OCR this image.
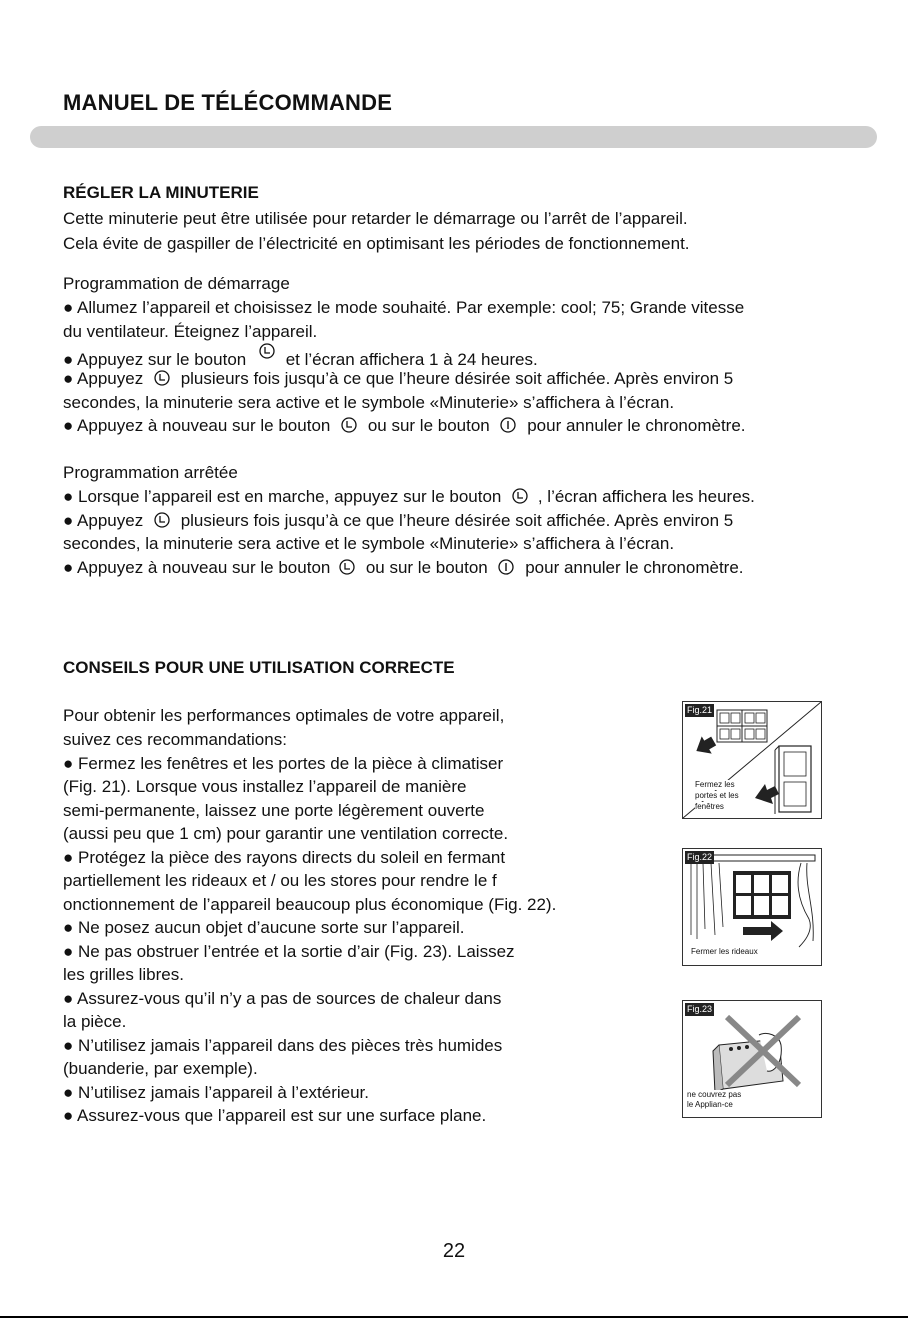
MANUEL DE TÉLÉCOMMANDE
RÉGLER LA MINUTERIE
Cette minuterie peut être utilisée pour retarder le démarrage ou l’arrêt de l’appareil.
Cela évite de gaspiller de l’électricité en optimisant les périodes de fonctionnement.
Programmation de démarrage
● Allumez l’appareil et choisissez le mode souhaité. Par exemple: cool; 75; Grande vitesse
du ventilateur. Éteignez l’appareil.
● Appuyez sur le bouton et l’écran affichera 1 à 24 heures.
● Appuyez plusieurs fois jusqu’à ce que l’heure désirée soit affichée. Après environ 5
secondes, la minuterie sera active et le symbole «Minuterie» s’affichera à l’écran.
● Appuyez à nouveau sur le bouton ou sur le bouton pour annuler le chronomètre.
Programmation arrêtée
● Lorsque l’appareil est en marche, appuyez sur le bouton , l’écran affichera les heures.
● Appuyez plusieurs fois jusqu’à ce que l’heure désirée soit affichée. Après environ 5
secondes, la minuterie sera active et le symbole «Minuterie» s’affichera à l’écran.
● Appuyez à nouveau sur le bouton ou sur le bouton pour annuler le chronomètre.
CONSEILS POUR UNE UTILISATION CORRECTE
Pour obtenir les performances optimales de votre appareil,
suivez ces recommandations:
● Fermez les fenêtres et les portes de la pièce à climatiser
(Fig. 21). Lorsque vous installez l’appareil de manière
semi-permanente, laissez une porte légèrement ouverte
(aussi peu que 1 cm) pour garantir une ventilation correcte.
● Protégez la pièce des rayons directs du soleil en fermant
partiellement les rideaux et / ou les stores pour rendre le f
onctionnement de l’appareil beaucoup plus économique (Fig. 22).
● Ne posez aucun objet d’aucune sorte sur l’appareil.
● Ne pas obstruer l’entrée et la sortie d’air (Fig. 23). Laissez
les grilles libres.
● Assurez-vous qu’il n’y a pas de sources de chaleur dans
la pièce.
● N’utilisez jamais l’appareil dans des pièces très humides
(buanderie, par exemple).
● N’utilisez jamais l’appareil à l’extérieur.
● Assurez-vous que l’appareil est sur une surface plane.
Fig.21
Fermez les
portes et les
fenêtres
Fig.22
Fermer les rideaux
Fig.23
ne couvrez pas
le Applian-ce
22
